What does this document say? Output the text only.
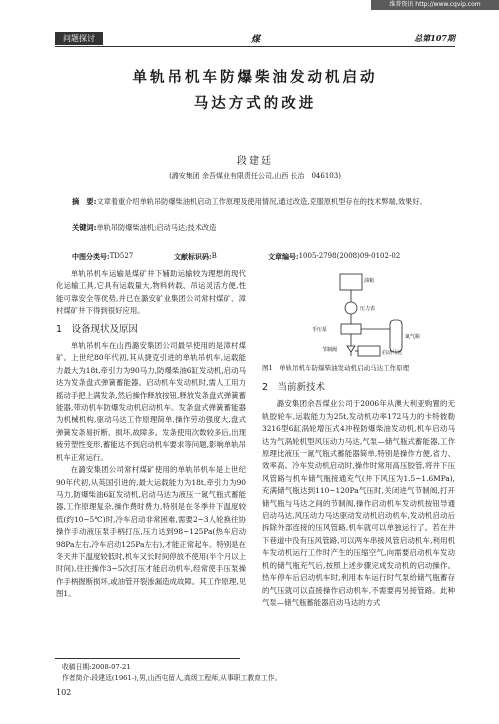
维普资讯 http://www.cqvip.com
问题探讨	煤	总第107期
单轨吊机车防爆柴油发动机启动
马达方式的改进
段建廷
(潞安集团 余吾煤业有限责任公司,山西 长治　046103)
摘　要:文章着重介绍单轨吊防爆柴油机启动工作原理及使用情况,通过改造,克服原机型存在的技术弊端,效果好。
关键词:单轨吊防爆柴油机;启动马达;技术改造
中图分类号: TD527	文献标识码: B	文章编号: 1005-2798(2008)09-0102-02

单轨吊机车运输是煤矿井下辅助运输较为理想的现代化运输工具,它具有运载量大,物料转载、吊运灵活方便,性能可靠安全等优势,并已在潞安矿业集团公司常村煤矿、漳村煤矿井下得到很好应用。

1　设备现状及原因

单轨吊机车在山西潞安集团公司最早使用的是漳村煤矿。上世纪80年代初,其从捷克引进的单轨吊机车,运载能力最大为18t,牵引力为90马力,防爆柴油6缸发动机,启动马达为发条盘式弹簧蓄能器。启动机车发动机时,需人工用力摇动手把上满发条,然后操作释放按钮,释放发条盘式弹簧蓄能器,带动机车防爆发动机启动机车。发条盘式弹簧蓄能器为机械机构,驱动马达工作原理简单,操作劳动强度大,盘式弹簧发条易折断、损坏,故障多。发条使用次数较多后,出现疲劳塑性变形,蓄能达不到启动机车要求等问题,影响单轨吊机车正常运行。

在潞安集团公司常村煤矿使用的单轨吊机车是上世纪90年代初,从英国引进的,最大运载能力为18t,牵引力为90马力,防爆柴油6缸发动机,启动马达为液压一氮气瓶式蓄能器,工作原理复杂,操作费时费力,特别是在冬季井下温度较低(约10~5℃)时,冷车启动非常困难,需要2~3人轮换往协操作手动液压泵手柄打压,压力达到98~125Pa(热车启动98Pa左右,冷车启动125Pa左右),才能正常起车。特别是在冬天井下温度较低时,机车又长时间停放不使用(半个月以上时间),往往操作3~5次打压才能启动机车,经常使手压泵操作手柄握断损坏,或油管开裂渗漏造成故障。其工作原理,见图1。

油箱
压力表
手压泵
氮气瓶
节制阀	启动马达
图1　单轨吊机车防爆柴油发动机启动马达工作原理
2　当前新技术

潞安集团余吾煤业公司于2006年从澳大利亚购置的无轨胶轮车,运载能力为25t,发动机功率172马力的卡特彼勒3216型6缸涡轮增压式4冲程防爆柴油发动机,机车启动马达为气涡轮机型风压动力马达,气泵—储气瓶式蓄能器,工作原理比液压一氮气瓶式蓄能器简单,特别是操作方便,省力、效率高。冷车发动机启动时,操作时常用高压胶管,将井下压风管路与机车储气瓶接通充气(井下风压为1.5~1.6MPa),充满储气瓶达到110~120Pa气压时,关闭进气节制阀,打开储气瓶与马达之间的节制阀,操作启动机车发动机按钮导通启动马达,风压动力马达驱动发动机启动机车,发动机启动后拆除外部连接的压风管路,机车就可以单独运行了。若在井下巷道中没有压风管路,可以两车串接风管启动机车,利用机车发动机运行工作时产生的压缩空气,向需要启动机车发动机的储气瓶充气后,按照上述步骤完成发动机的启动操作。热车停车后启动机车时,利用本车运行时气泵给储气瓶蓄存的气压就可以直接操作启动机车,不需要再另接管路。此种气泵—储气瓶蓄能器启动马达的方式

收稿日期:2008-07-21
作者简介:段建廷(1961-),男,山西屯留人,高级工程师,从事职工教育工作。
102
